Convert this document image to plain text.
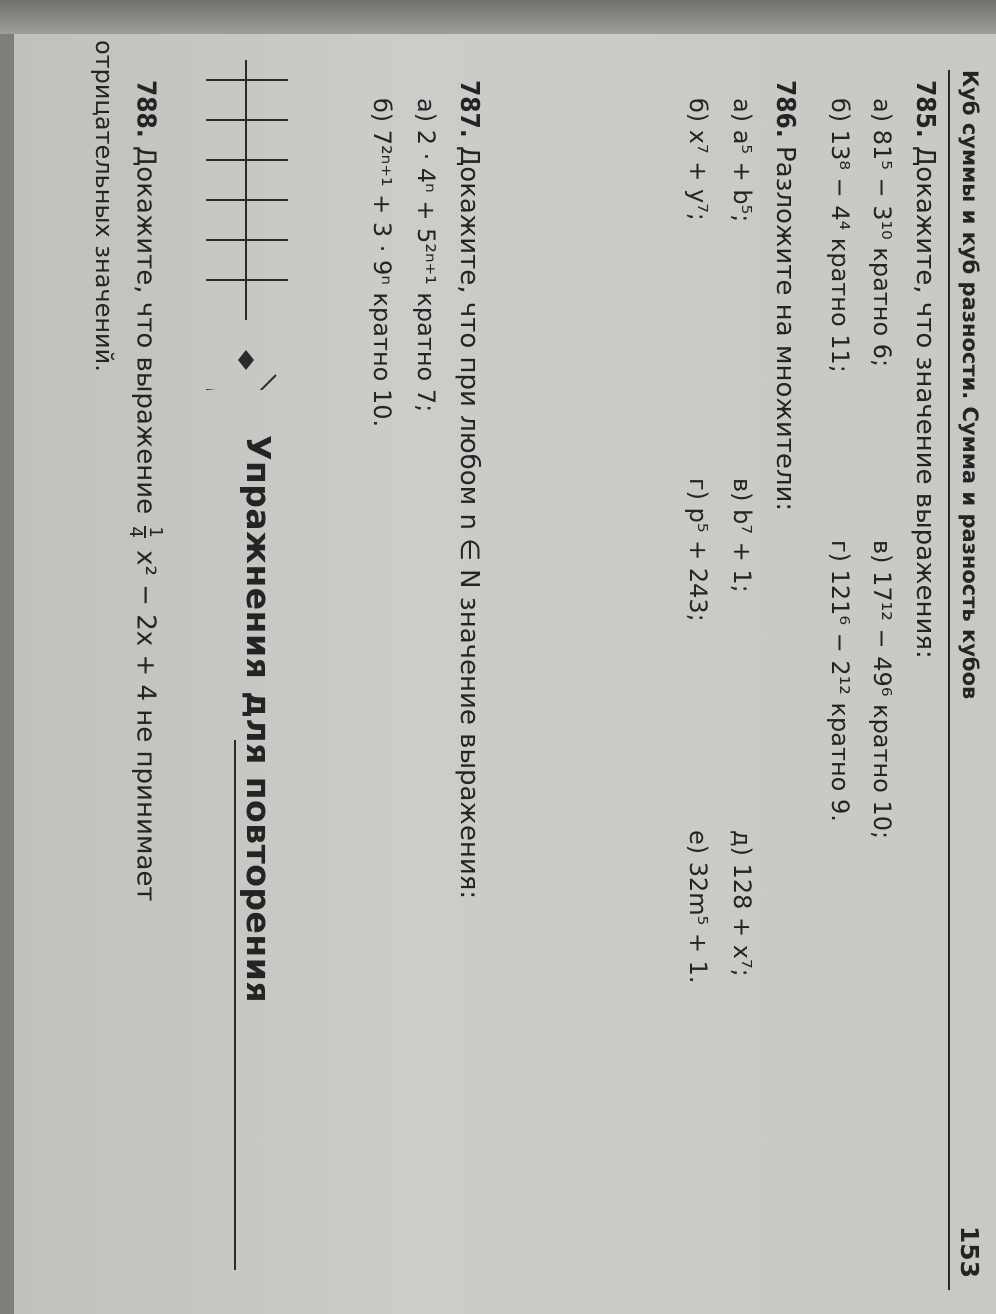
Куб суммы и куб разности. Сумма и разность кубов
153
785. Докажите, что значение выражения:
а) 81⁵ − 3¹⁰ кратно 6;
в) 17¹² − 49⁶ кратно 10;
б) 13⁸ − 4⁴ кратно 11;
г) 121⁶ − 2¹² кратно 9.
786. Разложите на множители:
а) a⁵ + b⁵;
в) b⁷ + 1;
д) 128 + x⁷;
б) x⁷ + y⁷;
г) p⁵ + 243;
е) 32m⁵ + 1.
787. Докажите, что при любом n ∈ N значение выражения:
а) 2 · 4ⁿ + 5²ⁿ⁺¹ кратно 7;
б) 7²ⁿ⁺¹ + 3 · 9ⁿ кратно 10.
Упражнения для повторения
788. Докажите, что выражение
1
4
x² − 2x + 4 не принимает
отрицательных значений.
